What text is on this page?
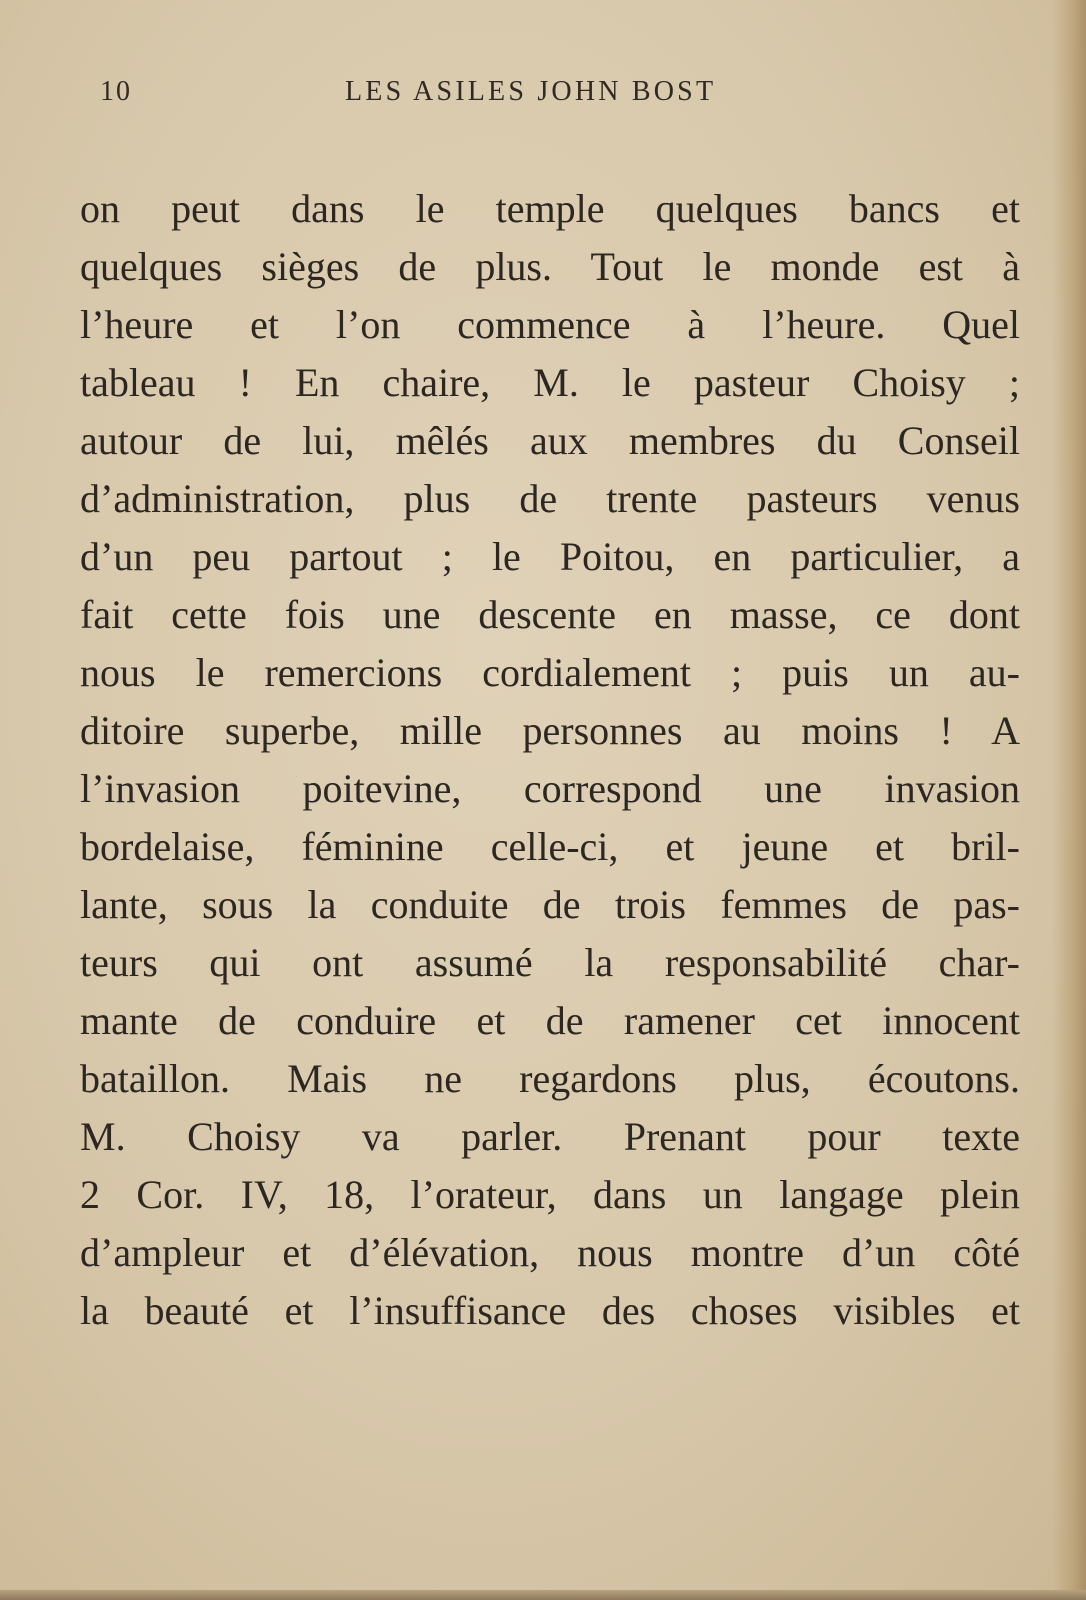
10	LES ASILES JOHN BOST
on peut dans le temple quelques bancs et
quelques sièges de plus. Tout le monde est à
l’heure et l’on commence à l’heure. Quel
tableau ! En chaire, M. le pasteur Choisy ;
autour de lui, mêlés aux membres du Conseil
d’administration, plus de trente pasteurs venus
d’un peu partout ; le Poitou, en particulier, a
fait cette fois une descente en masse, ce dont
nous le remercions cordialement ; puis un au-
ditoire superbe, mille personnes au moins ! A
l’invasion poitevine, correspond une invasion
bordelaise, féminine celle-ci, et jeune et bril-
lante, sous la conduite de trois femmes de pas-
teurs qui ont assumé la responsabilité char-
mante de conduire et de ramener cet innocent
bataillon. Mais ne regardons plus, écoutons.
M. Choisy va parler. Prenant pour texte
2 Cor. IV, 18, l’orateur, dans un langage plein
d’ampleur et d’élévation, nous montre d’un côté
la beauté et l’insuffisance des choses visibles et
